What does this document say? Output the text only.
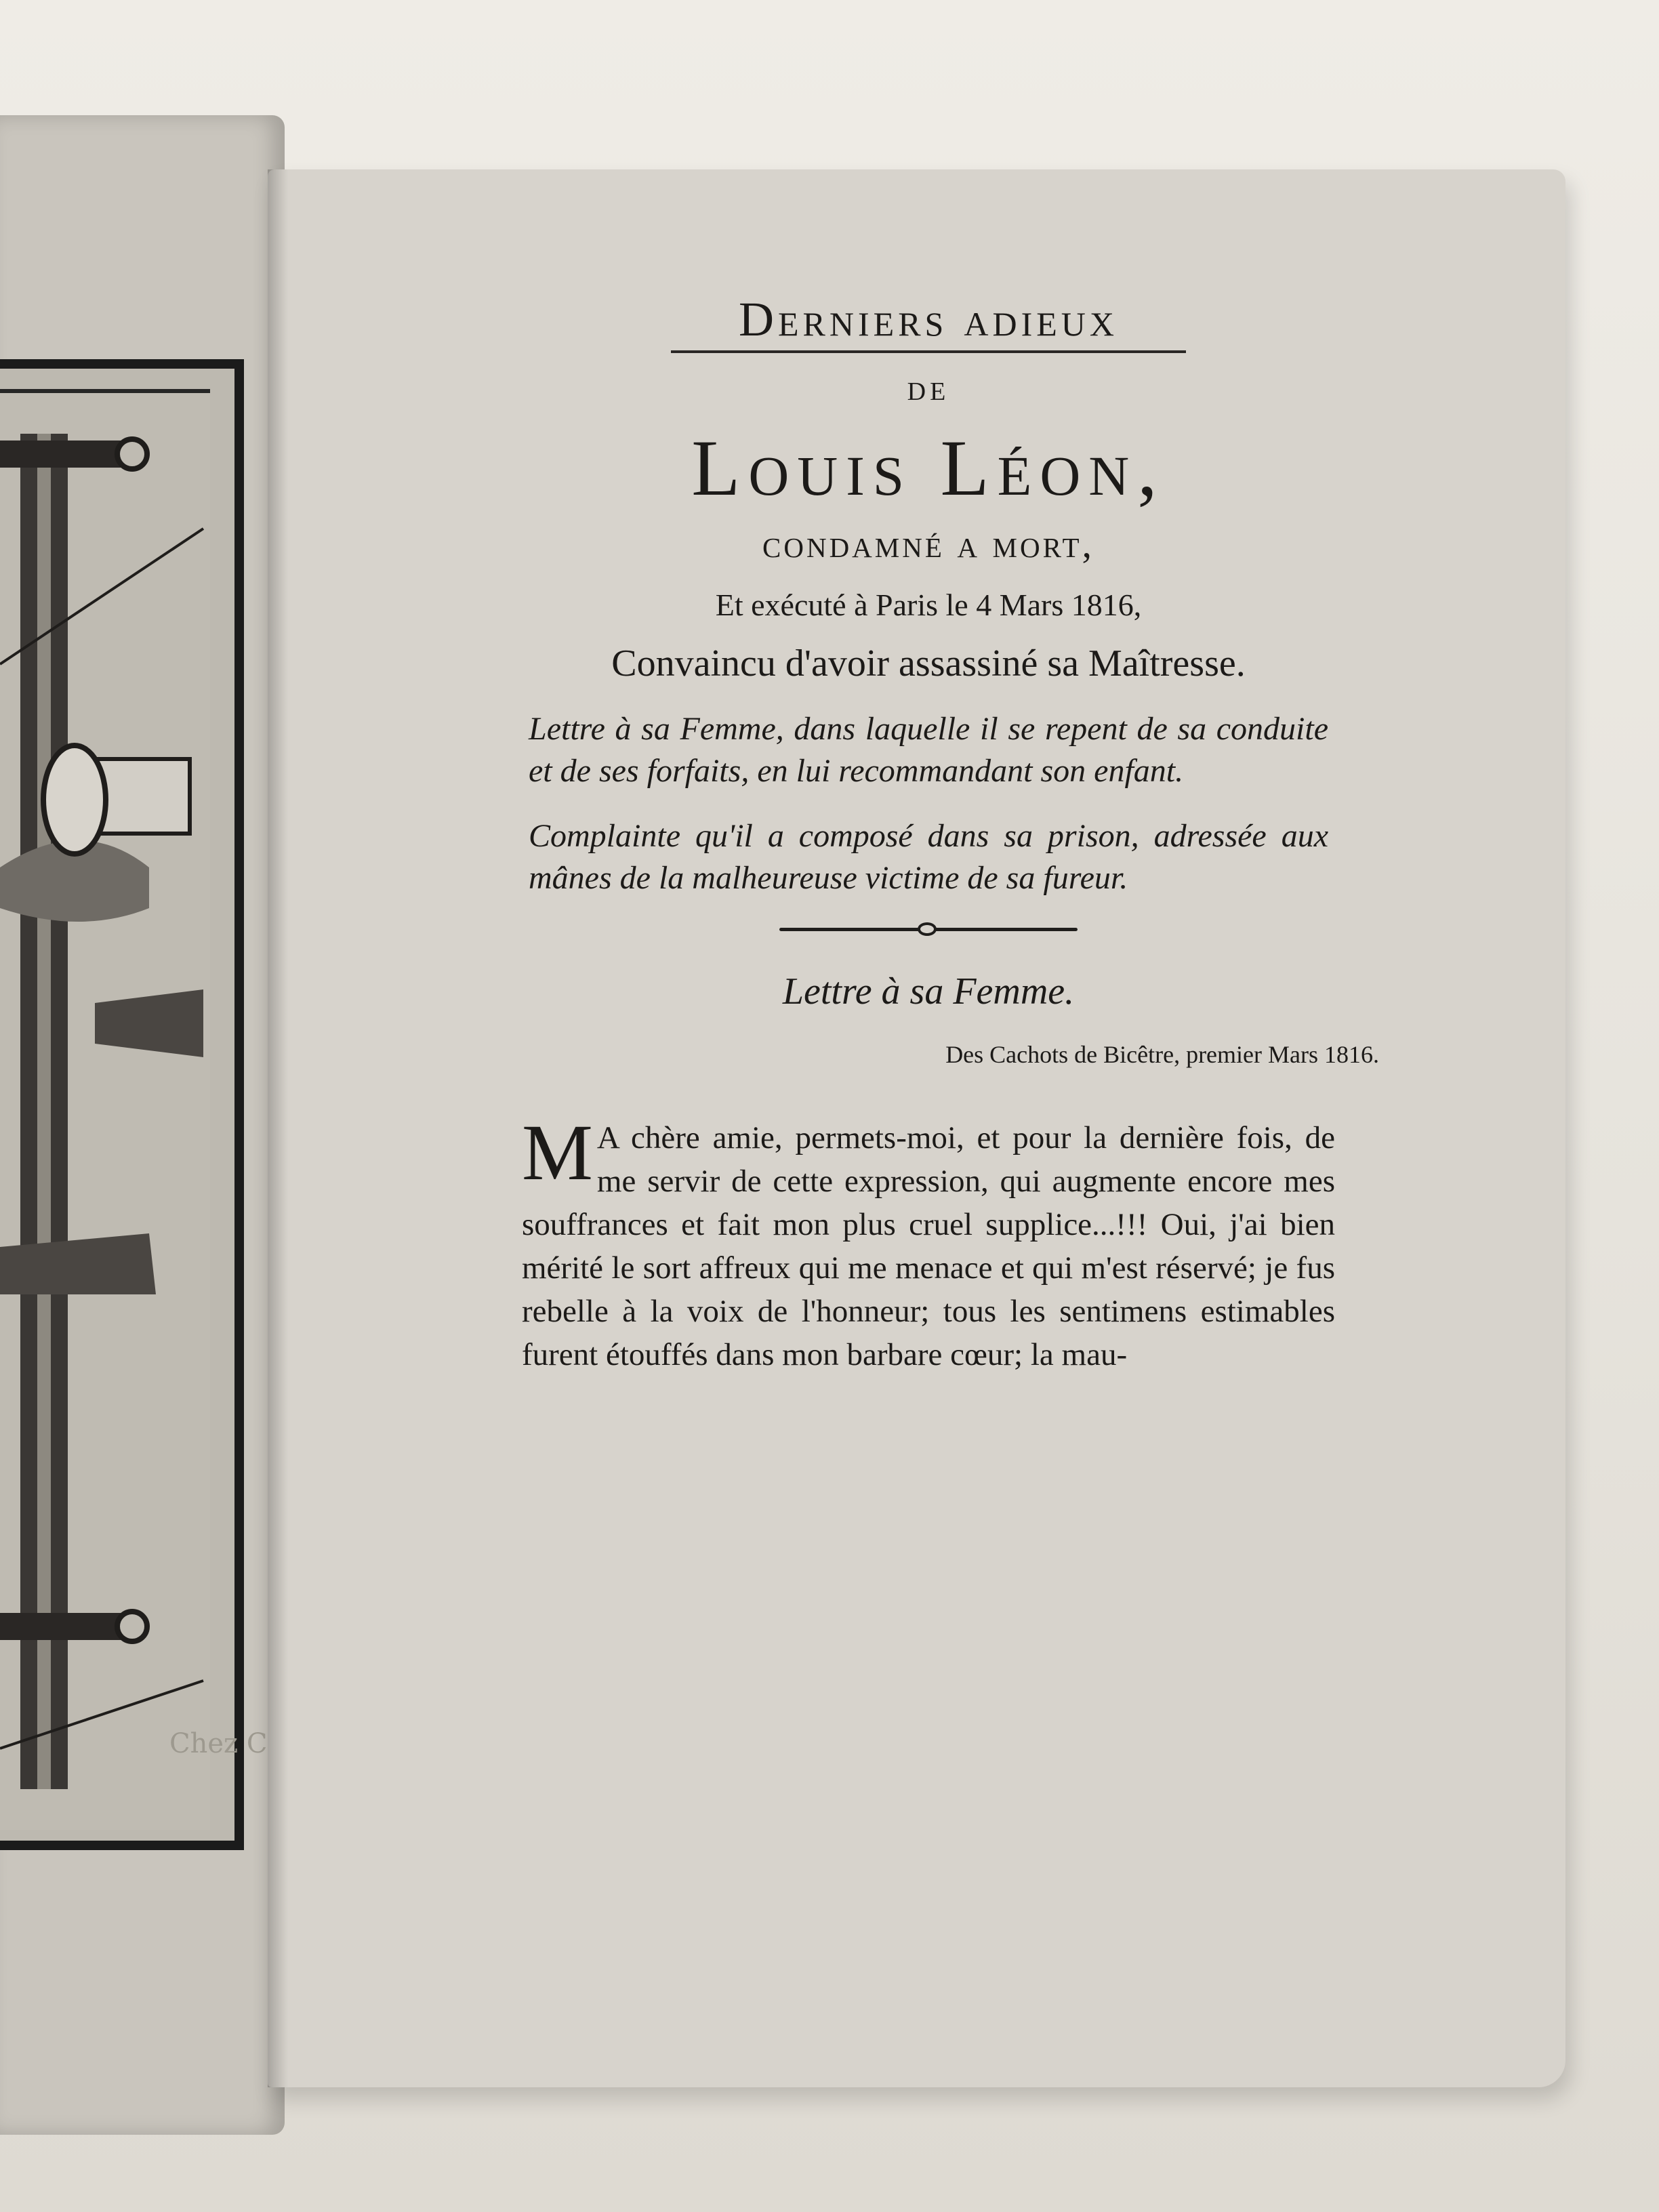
Chez C

Derniers adieux

de

Louis Léon,

condamné a mort,

Et exécuté à Paris le 4 Mars 1816,

Convaincu d'avoir assassiné sa Maîtresse.

Lettre à sa Femme, dans laquelle il se repent de sa conduite et de ses forfaits, en lui recommandant son enfant.

Complainte qu'il a composé dans sa prison, adressée aux mânes de la malheureuse victime de sa fureur.

Lettre à sa Femme.

Des Cachots de Bicêtre, premier Mars 1816.

M A chère amie, permets-moi, et pour la dernière fois, de me servir de cette expression, qui augmente encore mes souffrances et fait mon plus cruel supplice...!!! Oui, j'ai bien mérité le sort affreux qui me menace et qui m'est réservé; je fus rebelle à la voix de l'honneur; tous les sentimens estimables furent étouffés dans mon barbare cœur; la mau-
